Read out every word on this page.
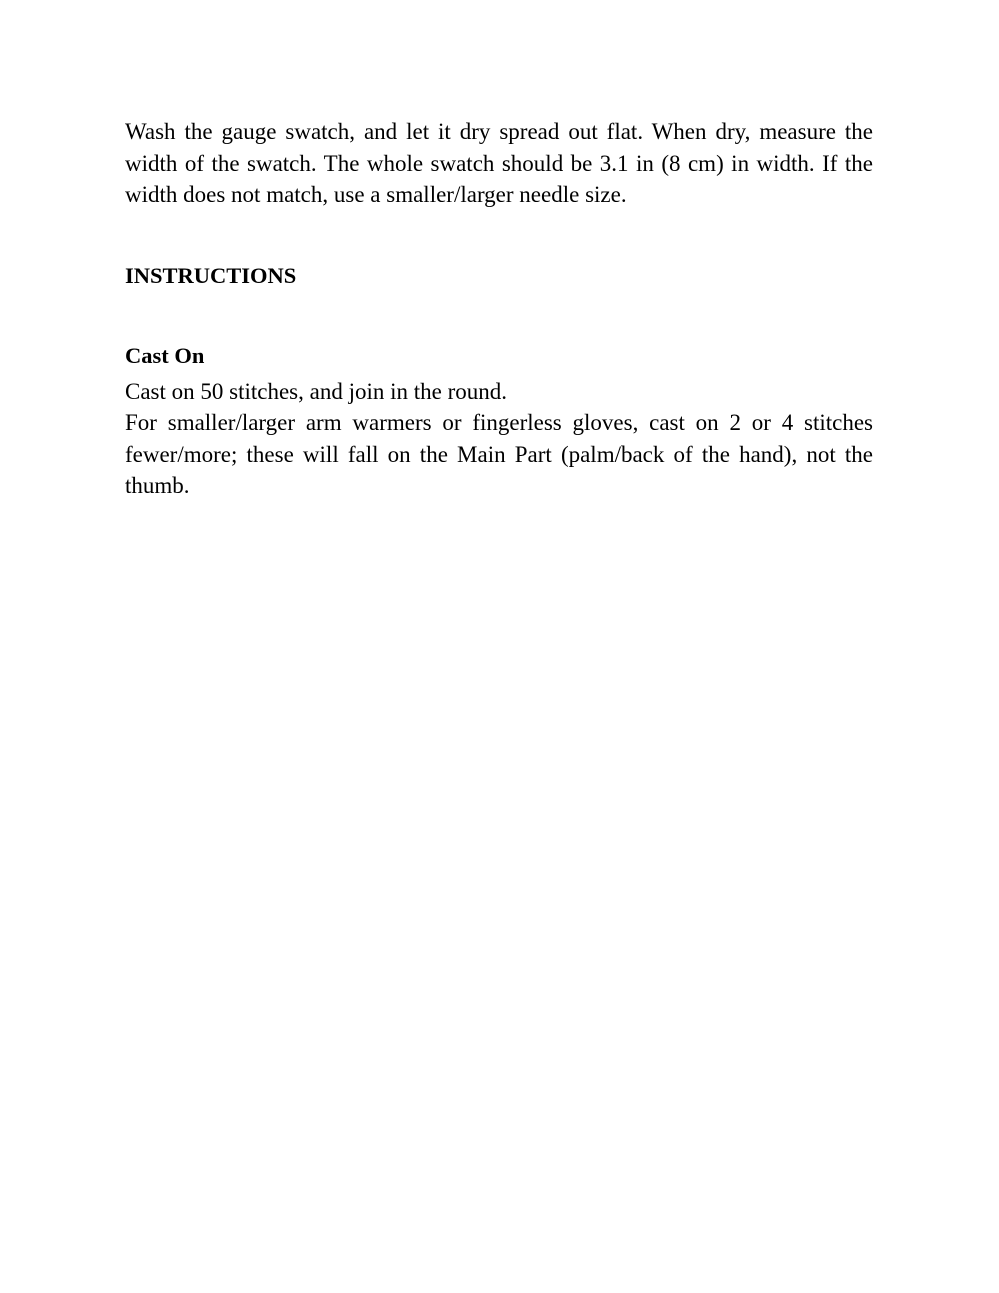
Wash the gauge swatch, and let it dry spread out flat. When dry, measure the width of the swatch. The whole swatch should be 3.1 in (8 cm) in width. If the width does not match, use a smaller/larger needle size.

INSTRUCTIONS

Cast On

Cast on 50 stitches, and join in the round.

For smaller/larger arm warmers or fingerless gloves, cast on 2 or 4 stitches fewer/more; these will fall on the Main Part (palm/back of the hand), not the thumb.
